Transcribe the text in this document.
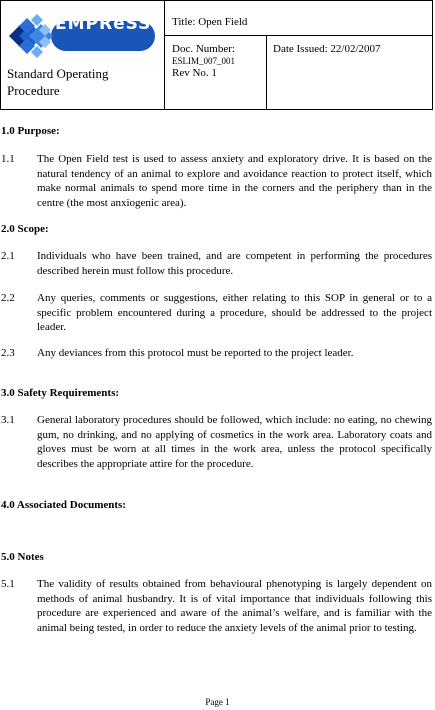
EMPReSS
Standard Operating Procedure
Title: Open Field
Doc. Number:
ESLIM_007_001
Rev No. 1
Date Issued: 22/02/2007
1.0 Purpose:
1.1 The Open Field test is used to assess anxiety and exploratory drive. It is based on the natural tendency of an animal to explore and avoidance reaction to protect itself, which make normal animals to spend more time in the corners and the periphery than in the centre (the most anxiogenic area).
2.0 Scope:
2.1 Individuals who have been trained, and are competent in performing the procedures described herein must follow this procedure.
2.2 Any queries, comments or suggestions, either relating to this SOP in general or to a specific problem encountered during a procedure, should be addressed to the project leader.
2.3 Any deviances from this protocol must be reported to the project leader.
3.0 Safety Requirements:
3.1 General laboratory procedures should be followed, which include: no eating, no chewing gum, no drinking, and no applying of cosmetics in the work area. Laboratory coats and gloves must be worn at all times in the work area, unless the protocol specifically describes the appropriate attire for the procedure.
4.0 Associated Documents:
5.0 Notes
5.1 The validity of results obtained from behavioural phenotyping is largely dependent on methods of animal husbandry. It is of vital importance that individuals following this procedure are experienced and aware of the animal’s welfare, and is familiar with the animal being tested, in order to reduce the anxiety levels of the animal prior to testing.
Page 1
